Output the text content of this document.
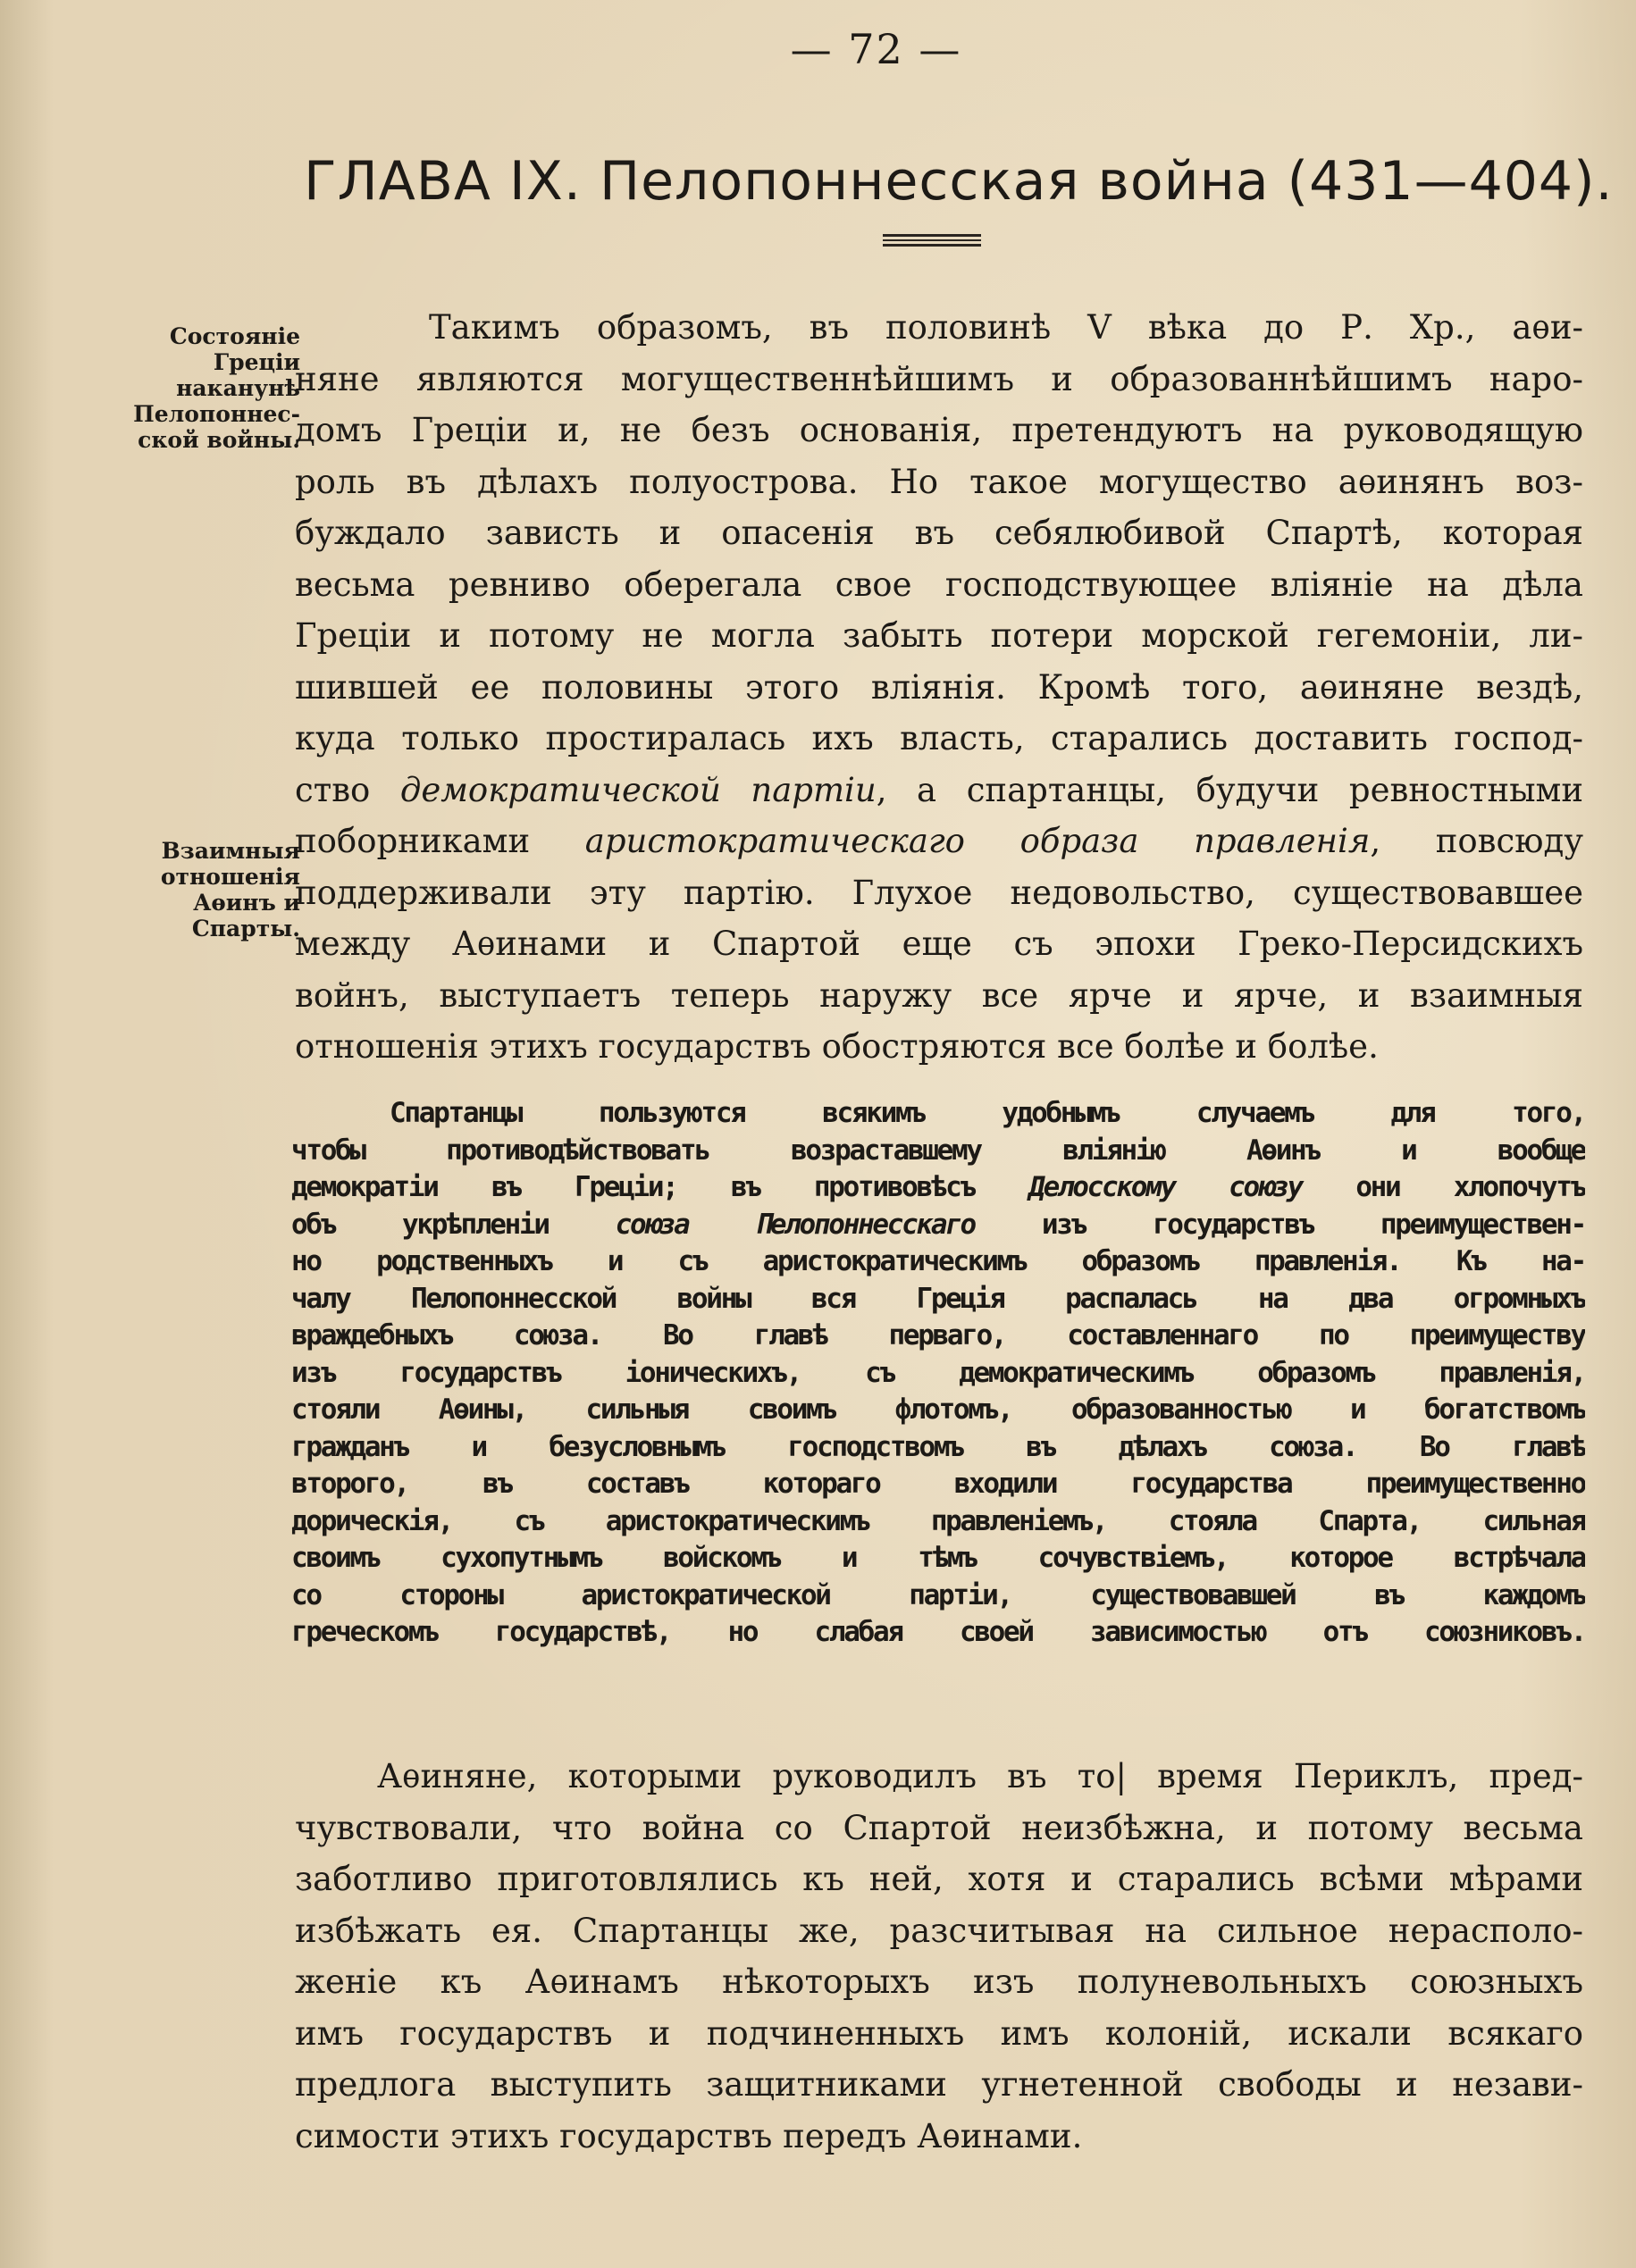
— 72 —
ГЛАВА IX. Пелопоннесская война (431—404).
Состояніе
Греціи
наканунѣ
Пелопоннес-
ской войны.
Взаимныя
отношенія
Аѳинъ и
Спарты.
Такимъ образомъ, въ половинѣ V вѣка до Р. Хр., аѳи-
няне являются могущественнѣйшимъ и образованнѣйшимъ наро-
домъ Греціи и, не безъ основанія, претендуютъ на руководящую
роль въ дѣлахъ полуострова. Но такое могущество аѳинянъ воз-
буждало зависть и опасенія въ себялюбивой Спартѣ, которая
весьма ревниво оберегала свое господствующее вліяніе на дѣла
Греціи и потому не могла забыть потери морской гегемоніи, ли-
шившей ее половины этого вліянія. Кромѣ того, аѳиняне вездѣ,
куда только простиралась ихъ власть, старались доставить господ-
ство демократической партіи, а спартанцы, будучи ревностными
поборниками аристократическаго образа правленія, повсюду
поддерживали эту партію. Глухое недовольство, существовавшее
между Аѳинами и Спартой еще съ эпохи Греко-Персидскихъ
войнъ, выступаетъ теперь наружу все ярче и ярче, и взаимныя
отношенія этихъ государствъ обостряются все болѣе и болѣе.
Спартанцы пользуются всякимъ удобнымъ случаемъ для того,
чтобы противодѣйствовать возраставшему вліянію Аѳинъ и вообще
демократіи въ Греціи; въ противовѣсъ Делосскому союзу они хлопочутъ
объ укрѣпленіи союза Пелопоннесскаго изъ государствъ преимуществен-
но родственныхъ и съ аристократическимъ образомъ правленія. Къ на-
чалу Пелопоннесской войны вся Греція распалась на два огромныхъ
враждебныхъ союза. Во главѣ перваго, составленнаго по преимуществу
изъ государствъ іоническихъ, съ демократическимъ образомъ правленія,
стояли Аѳины, сильныя своимъ флотомъ, образованностью и богатствомъ
гражданъ и безусловнымъ господствомъ въ дѣлахъ союза. Во главѣ
второго, въ составъ котораго входили государства преимущественно
дорическія, съ аристократическимъ правленіемъ, стояла Спарта, сильная
своимъ сухопутнымъ войскомъ и тѣмъ сочувствіемъ, которое встрѣчала
со стороны аристократической партіи, существовавшей въ каждомъ
греческомъ государствѣ, но слабая своей зависимостью отъ союзниковъ.
Аѳиняне, которыми руководилъ въ то| время Периклъ, пред-
чувствовали, что война со Спартой неизбѣжна, и потому весьма
заботливо приготовлялись къ ней, хотя и старались всѣми мѣрами
избѣжать ея. Спартанцы же, разсчитывая на сильное нерасполо-
женіе къ Аѳинамъ нѣкоторыхъ изъ полуневольныхъ союзныхъ
имъ государствъ и подчиненныхъ имъ колоній, искали всякаго
предлога выступить защитниками угнетенной свободы и незави-
симости этихъ государствъ передъ Аѳинами.
